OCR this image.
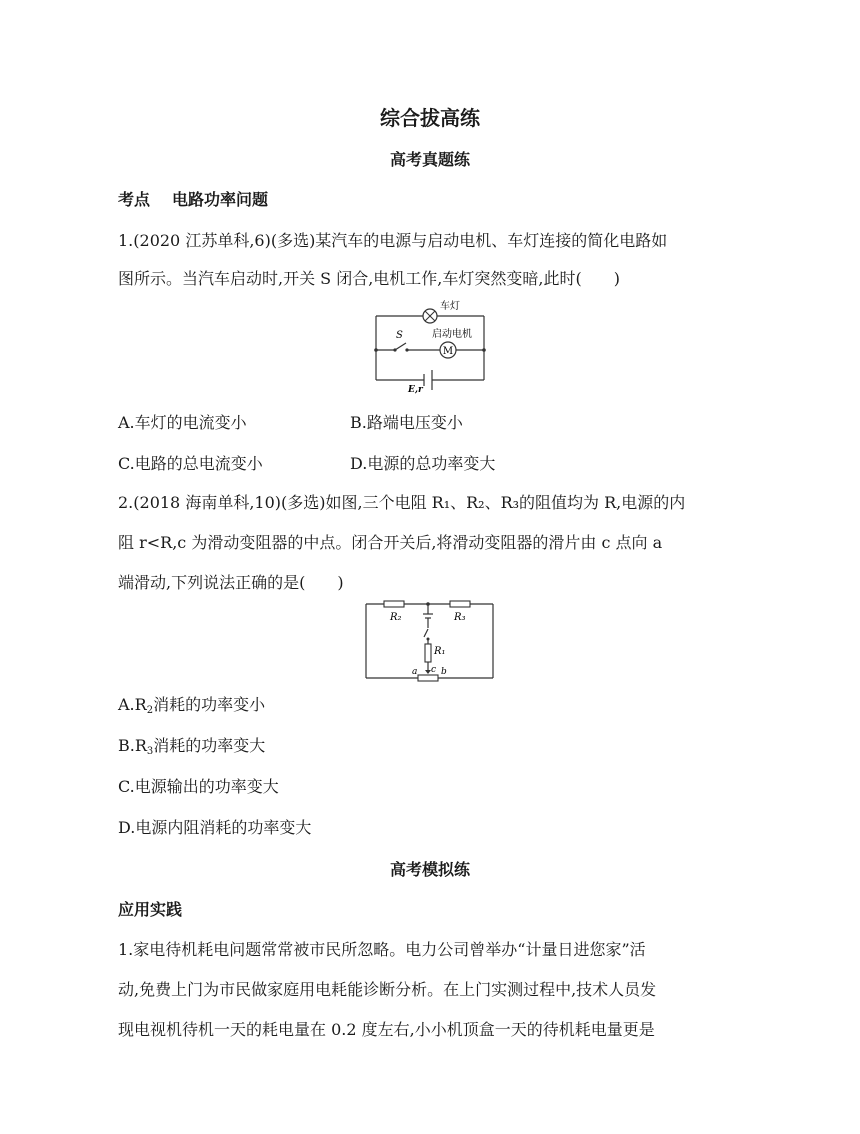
综合拔高练
高考真题练
考点 电路功率问题
1.(2020 江苏单科,6)(多选)某汽车的电源与启动电机、车灯连接的简化电路如
图所示。当汽车启动时,开关 S 闭合,电机工作,车灯突然变暗,此时(　　)
车灯
S
M
启动电机
E,r
A.车灯的电流变小	B.路端电压变小
C.电路的总电流变小	D.电源的总功率变大
2.(2018 海南单科,10)(多选)如图,三个电阻 R₁、R₂、R₃的阻值均为 R,电源的内
阻 r<R,c 为滑动变阻器的中点。闭合开关后,将滑动变阻器的滑片由 c 点向 a
端滑动,下列说法正确的是(　　)
R₂	R₃
R₁
a c b
$A.R_2$消耗的功率变小
$B.R_3$消耗的功率变大
C.电源输出的功率变大
D.电源内阻消耗的功率变大
高考模拟练
应用实践
1.家电待机耗电问题常常被市民所忽略。电力公司曾举办“计量日进您家”活
动,免费上门为市民做家庭用电耗能诊断分析。在上门实测过程中,技术人员发
现电视机待机一天的耗电量在 0.2 度左右,小小机顶盒一天的待机耗电量更是
